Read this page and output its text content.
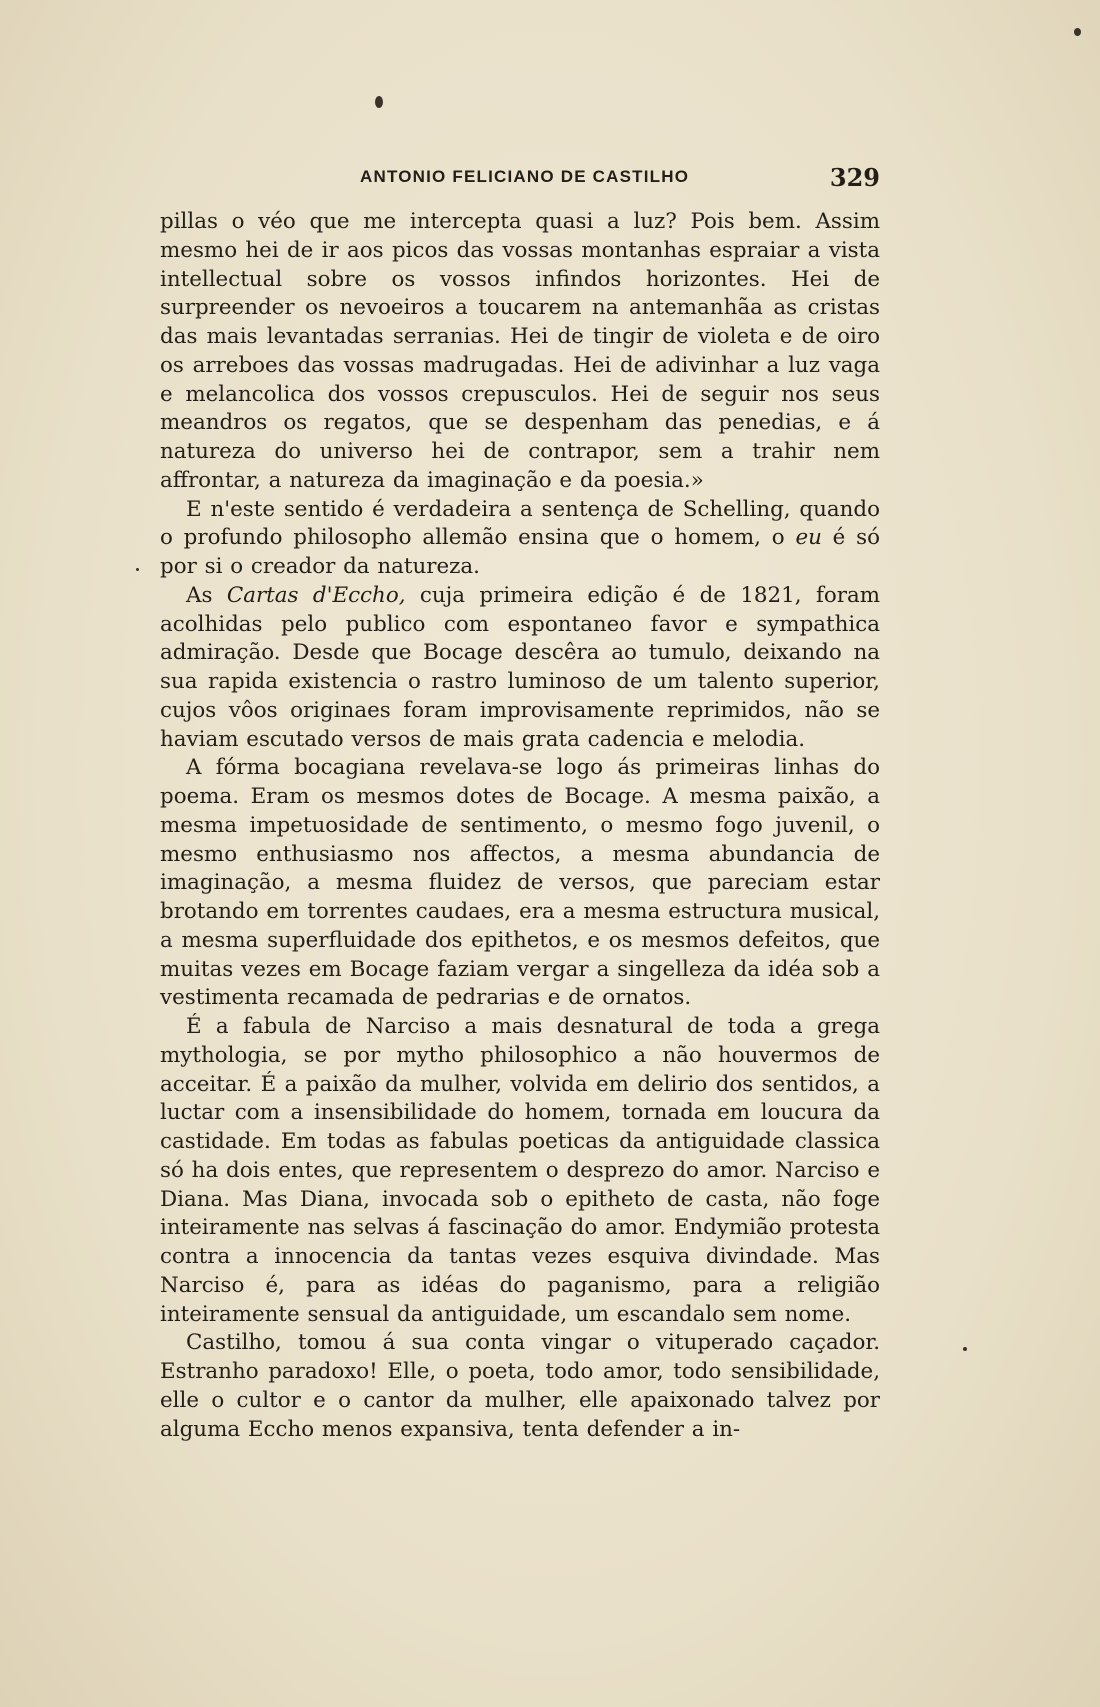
ANTONIO FELICIANO DE CASTILHO	329

pillas o véo que me intercepta quasi a luz? Pois bem. Assim mesmo hei de ir aos picos das vossas montanhas espraiar a vista intellectual sobre os vossos infindos horizontes. Hei de surpreender os nevoeiros a toucarem na antemanhãa as cristas das mais levantadas serranias. Hei de tingir de violeta e de oiro os arreboes das vossas madrugadas. Hei de adivinhar a luz vaga e melancolica dos vossos crepusculos. Hei de seguir nos seus meandros os regatos, que se despenham das penedias, e á natureza do universo hei de contrapor, sem a trahir nem affrontar, a natureza da imaginação e da poesia.»

E n'este sentido é verdadeira a sentença de Schelling, quando o profundo philosopho allemão ensina que o homem, o eu é só por si o creador da natureza.

As Cartas d'Eccho, cuja primeira edição é de 1821, foram acolhidas pelo publico com espontaneo favor e sympathica admiração. Desde que Bocage descêra ao tumulo, deixando na sua rapida existencia o rastro luminoso de um talento superior, cujos vôos originaes foram improvisamente reprimidos, não se haviam escutado versos de mais grata cadencia e melodia.

A fórma bocagiana revelava-se logo ás primeiras linhas do poema. Eram os mesmos dotes de Bocage. A mesma paixão, a mesma impetuosidade de sentimento, o mesmo fogo juvenil, o mesmo enthusiasmo nos affectos, a mesma abundancia de imaginação, a mesma fluidez de versos, que pareciam estar brotando em torrentes caudaes, era a mesma estructura musical, a mesma superfluidade dos epithetos, e os mesmos defeitos, que muitas vezes em Bocage faziam vergar a singelleza da idéa sob a vestimenta recamada de pedrarias e de ornatos.

É a fabula de Narciso a mais desnatural de toda a grega mythologia, se por mytho philosophico a não houvermos de acceitar. É a paixão da mulher, volvida em delirio dos sentidos, a luctar com a insensibilidade do homem, tornada em loucura da castidade. Em todas as fabulas poeticas da antiguidade classica só ha dois entes, que representem o desprezo do amor. Narciso e Diana. Mas Diana, invocada sob o epitheto de casta, não foge inteiramente nas selvas á fascinação do amor. Endymião protesta contra a innocencia da tantas vezes esquiva divindade. Mas Narciso é, para as idéas do paganismo, para a religião inteiramente sensual da antiguidade, um escandalo sem nome.

Castilho, tomou á sua conta vingar o vituperado caçador. Estranho paradoxo! Elle, o poeta, todo amor, todo sensibilidade, elle o cultor e o cantor da mulher, elle apaixonado talvez por alguma Eccho menos expansiva, tenta defender a in-
